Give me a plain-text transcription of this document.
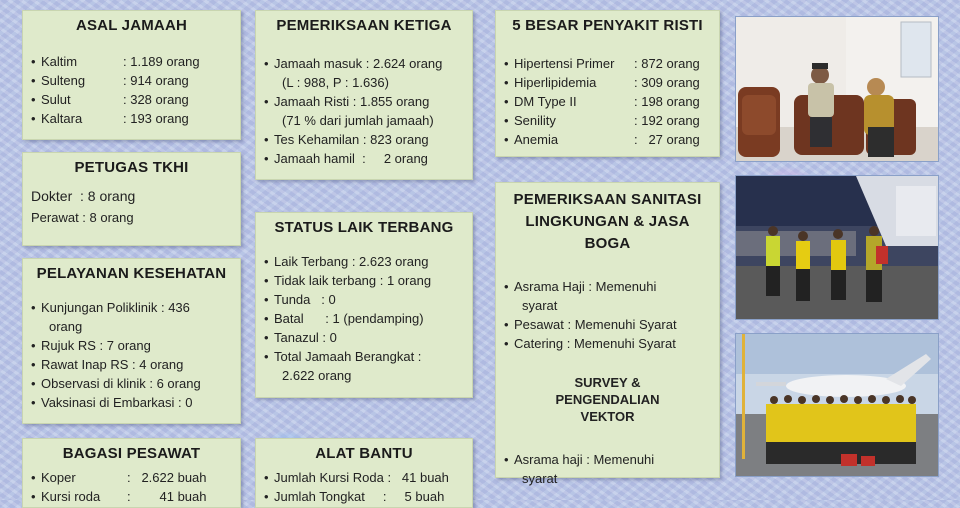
ASAL JAMAAH
• Kaltim	: 1.189 orang
• Sulteng	: 914 orang
• Sulut	: 328 orang
• Kaltara	: 193 orang
PETUGAS TKHI
Dokter  : 8 orang
Perawat : 8 orang
PELAYANAN KESEHATAN
• Kunjungan Poliklinik : 436
orang
• Rujuk RS : 7 orang
• Rawat Inap RS : 4 orang
• Observasi di klinik : 6 orang
• Vaksinasi di Embarkasi : 0
BAGASI PESAWAT
• Koper	:   2.622 buah
• Kursi roda :        41 buah
PEMERIKSAAN KETIGA
• Jamaah masuk : 2.624 orang
(L : 988, P : 1.636)
• Jamaah Risti : 1.855 orang
(71 % dari jumlah jamaah)
• Tes Kehamilan : 823 orang
• Jamaah hamil  :     2 orang
STATUS LAIK TERBANG
• Laik Terbang : 2.623 orang
• Tidak laik terbang : 1 orang
• Tunda   : 0
• Batal      : 1 (pendamping)
• Tanazul : 0
• Total Jamaah Berangkat :
2.622 orang
ALAT BANTU
• Jumlah Kursi Roda :   41 buah
• Jumlah Tongkat     :     5 buah
5 BESAR PENYAKIT RISTI
• Hipertensi Primer : 872 orang
• Hiperlipidemia	: 309 orang
• DM Type II	: 198 orang
• Senility	: 192 orang
• Anemia	:   27 orang
PEMERIKSAAN SANITASI LINGKUNGAN & JASA BOGA
• Asrama Haji : Memenuhi
syarat
• Pesawat : Memenuhi Syarat
• Catering : Memenuhi Syarat
SURVEY & PENGENDALIAN VEKTOR
• Asrama haji : Memenuhi
syarat
